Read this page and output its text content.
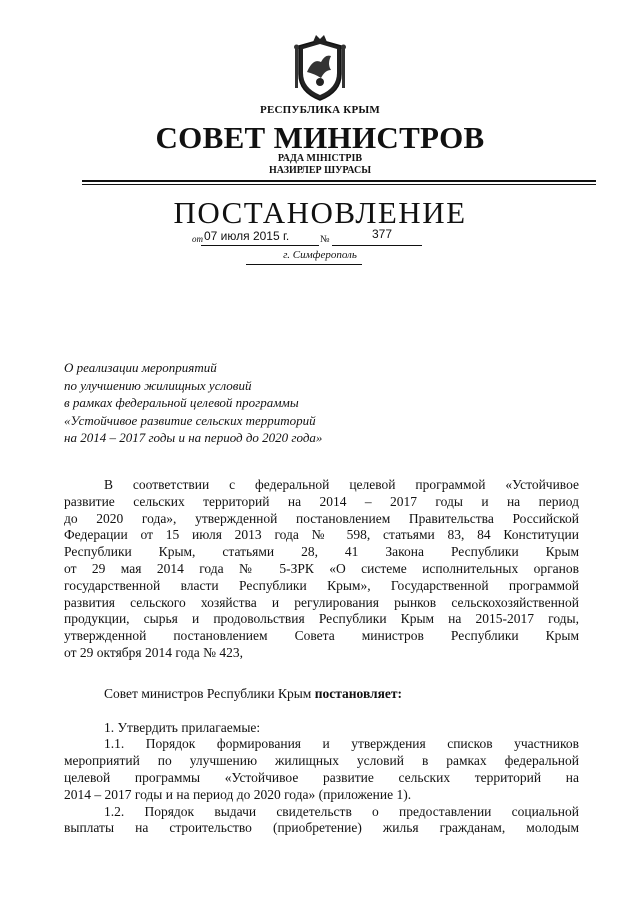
РЕСПУБЛИКА КРЫМ
СОВЕТ МИНИСТРОВ
РАДА МІНІСТРІВ
НАЗИРЛЕР ШУРАСЫ
ПОСТАНОВЛЕНИЕ
от 07 июля 2015 г.	№	377
г. Симферополь
О реализации мероприятий
по улучшению жилищных условий
в рамках федеральной целевой программы
«Устойчивое развитие сельских территорий
на 2014 – 2017 годы и на период до 2020 года»
В соответствии с федеральной целевой программой «Устойчивое
развитие сельских территорий на 2014 – 2017 годы и на период
до 2020 года», утвержденной постановлением Правительства Российской
Федерации от 15 июля 2013 года № 598, статьями 83, 84 Конституции
Республики Крым, статьями 28, 41 Закона Республики Крым
от 29 мая 2014 года № 5-ЗРК «О системе исполнительных органов
государственной власти Республики Крым», Государственной программой
развития сельского хозяйства и регулирования рынков сельскохозяйственной
продукции, сырья и продовольствия Республики Крым на 2015-2017 годы,
утвержденной постановлением Совета министров Республики Крым
от 29 октября 2014 года № 423,
Совет министров Республики Крым постановляет:
1. Утвердить прилагаемые:
1.1. Порядок формирования и утверждения списков участников
мероприятий по улучшению жилищных условий в рамках федеральной
целевой программы «Устойчивое развитие сельских территорий на
2014 – 2017 годы и на период до 2020 года» (приложение 1).
1.2. Порядок выдачи свидетельств о предоставлении социальной
выплаты на строительство (приобретение) жилья гражданам, молодым
